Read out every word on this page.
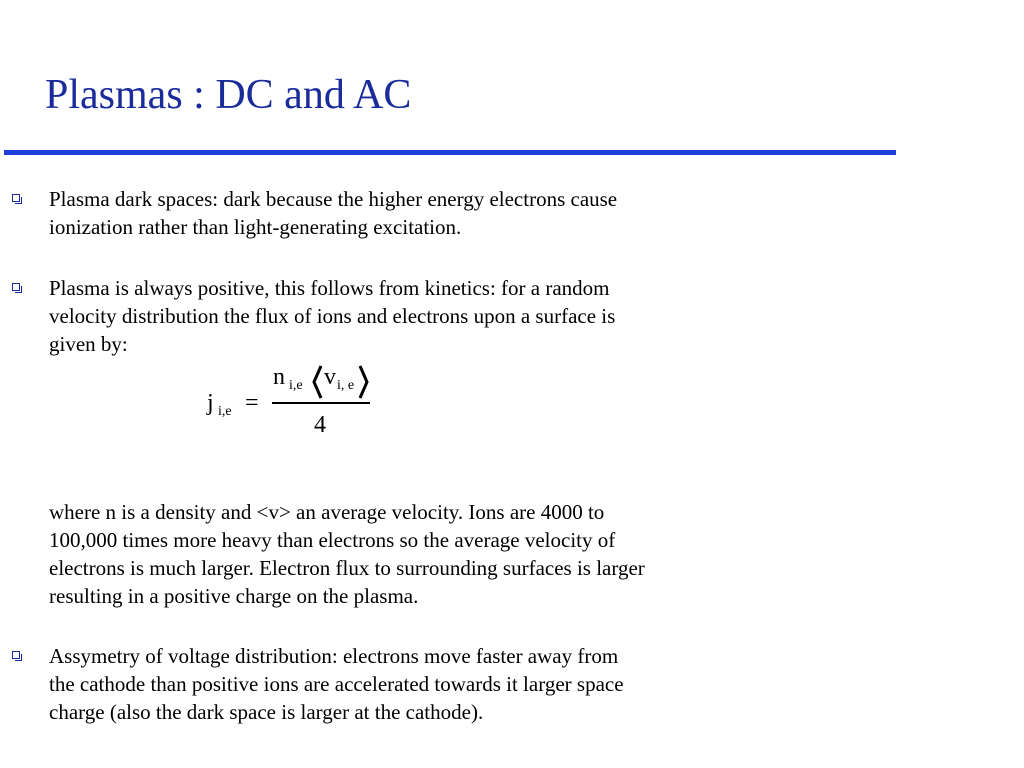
Plasmas : DC and AC
Plasma dark spaces: dark because the higher energy electrons cause ionization rather than light-generating excitation.
Plasma is always positive, this follows from kinetics: for a random velocity distribution the flux of ions and electrons upon a surface is given by:
j i,e =
n i,e v i, e
4
where n is a density and <v> an average velocity. Ions are 4000 to 100,000 times more heavy than electrons so the average velocity of electrons is much larger. Electron flux to surrounding surfaces is larger resulting in a positive charge on the plasma.
Assymetry of voltage distribution: electrons move faster away from the cathode than positive ions are accelerated towards it larger space charge (also the dark space is larger at the cathode).
